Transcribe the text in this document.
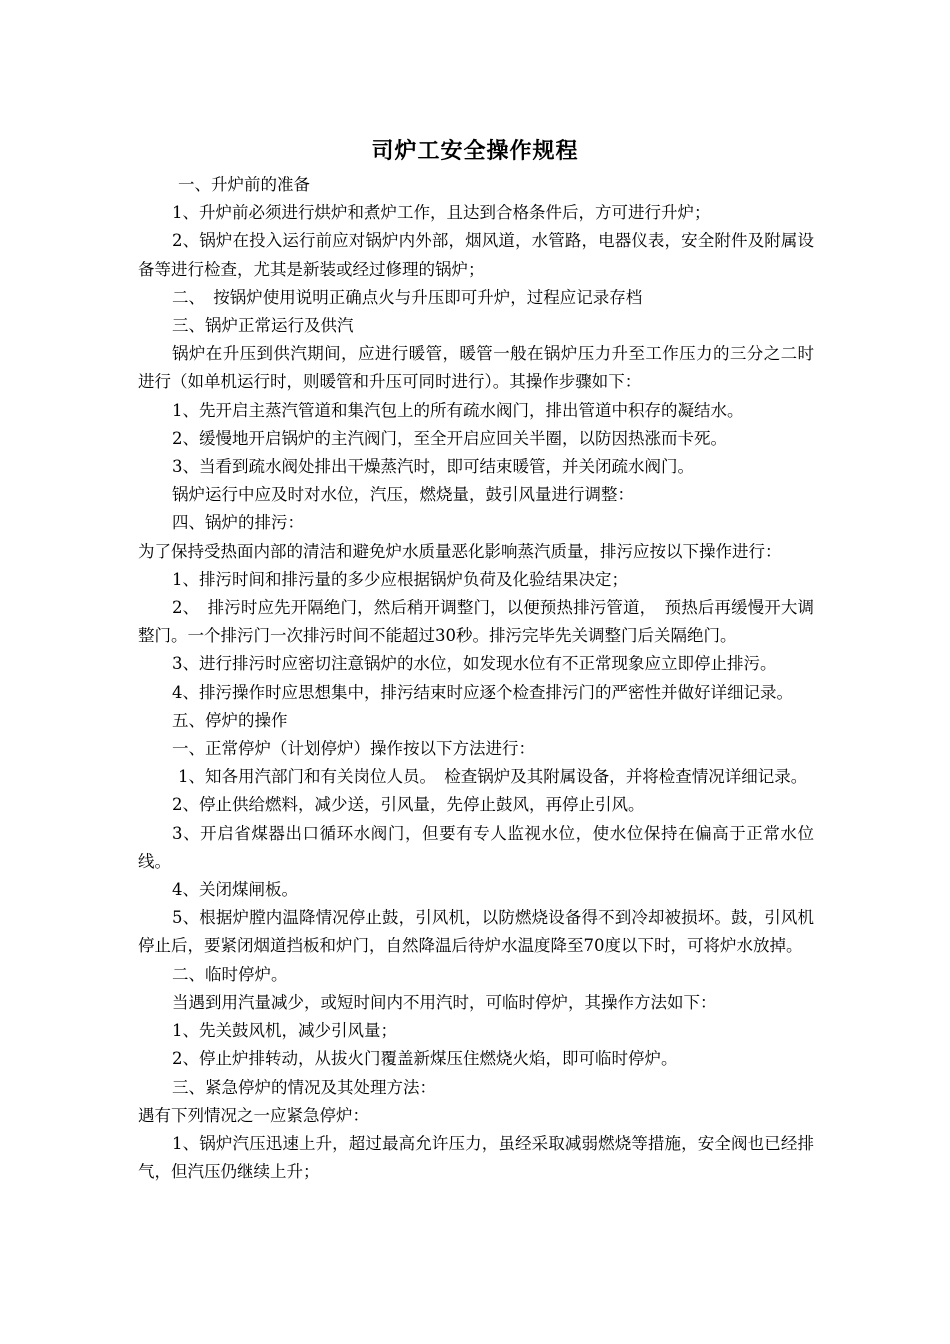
司炉工安全操作规程

一、升炉前的准备

1、升炉前必须进行烘炉和煮炉工作，且达到合格条件后，方可进行升炉；

2、锅炉在投入运行前应对锅炉内外部，烟风道，水管路，电器仪表，安全附件及附属设备等进行检查，尤其是新装或经过修理的锅炉；

二、　按锅炉使用说明正确点火与升压即可升炉，过程应记录存档

三、锅炉正常运行及供汽

锅炉在升压到供汽期间，应进行暖管，暖管一般在锅炉压力升至工作压力的三分之二时进行（如单机运行时，则暖管和升压可同时进行）。其操作步骤如下：

1、先开启主蒸汽管道和集汽包上的所有疏水阀门，排出管道中积存的凝结水。

2、缓慢地开启锅炉的主汽阀门，至全开启应回关半圈，以防因热涨而卡死。

3、当看到疏水阀处排出干燥蒸汽时，即可结束暖管，并关闭疏水阀门。

锅炉运行中应及时对水位，汽压，燃烧量，鼓引风量进行调整：

四、锅炉的排污：

为了保持受热面内部的清洁和避免炉水质量恶化影响蒸汽质量，排污应按以下操作进行：

1、排污时间和排污量的多少应根据锅炉负荷及化验结果决定；

2、　排污时应先开隔绝门，然后稍开调整门，以便预热排污管道，　预热后再缓慢开大调整门。一个排污门一次排污时间不能超过30秒。排污完毕先关调整门后关隔绝门。

3、进行排污时应密切注意锅炉的水位，如发现水位有不正常现象应立即停止排污。

4、排污操作时应思想集中，排污结束时应逐个检查排污门的严密性并做好详细记录。

五、停炉的操作

一、正常停炉（计划停炉）操作按以下方法进行：

1、知各用汽部门和有关岗位人员。　检查锅炉及其附属设备，并将检查情况详细记录。

2、停止供给燃料，减少送，引风量，先停止鼓风，再停止引风。

3、开启省煤器出口循环水阀门，但要有专人监视水位，使水位保持在偏高于正常水位线。

4、关闭煤闸板。

5、根据炉膛内温降情况停止鼓，引风机，以防燃烧设备得不到冷却被损坏。鼓，引风机停止后，要紧闭烟道挡板和炉门，自然降温后待炉水温度降至70度以下时，可将炉水放掉。

二、临时停炉。

当遇到用汽量减少，或短时间内不用汽时，可临时停炉，其操作方法如下：

1、先关鼓风机，减少引风量；

2、停止炉排转动，从拔火门覆盖新煤压住燃烧火焰，即可临时停炉。

三、紧急停炉的情况及其处理方法：

遇有下列情况之一应紧急停炉：

1、锅炉汽压迅速上升，超过最高允许压力，虽经采取减弱燃烧等措施，安全阀也已经排气，但汽压仍继续上升；
